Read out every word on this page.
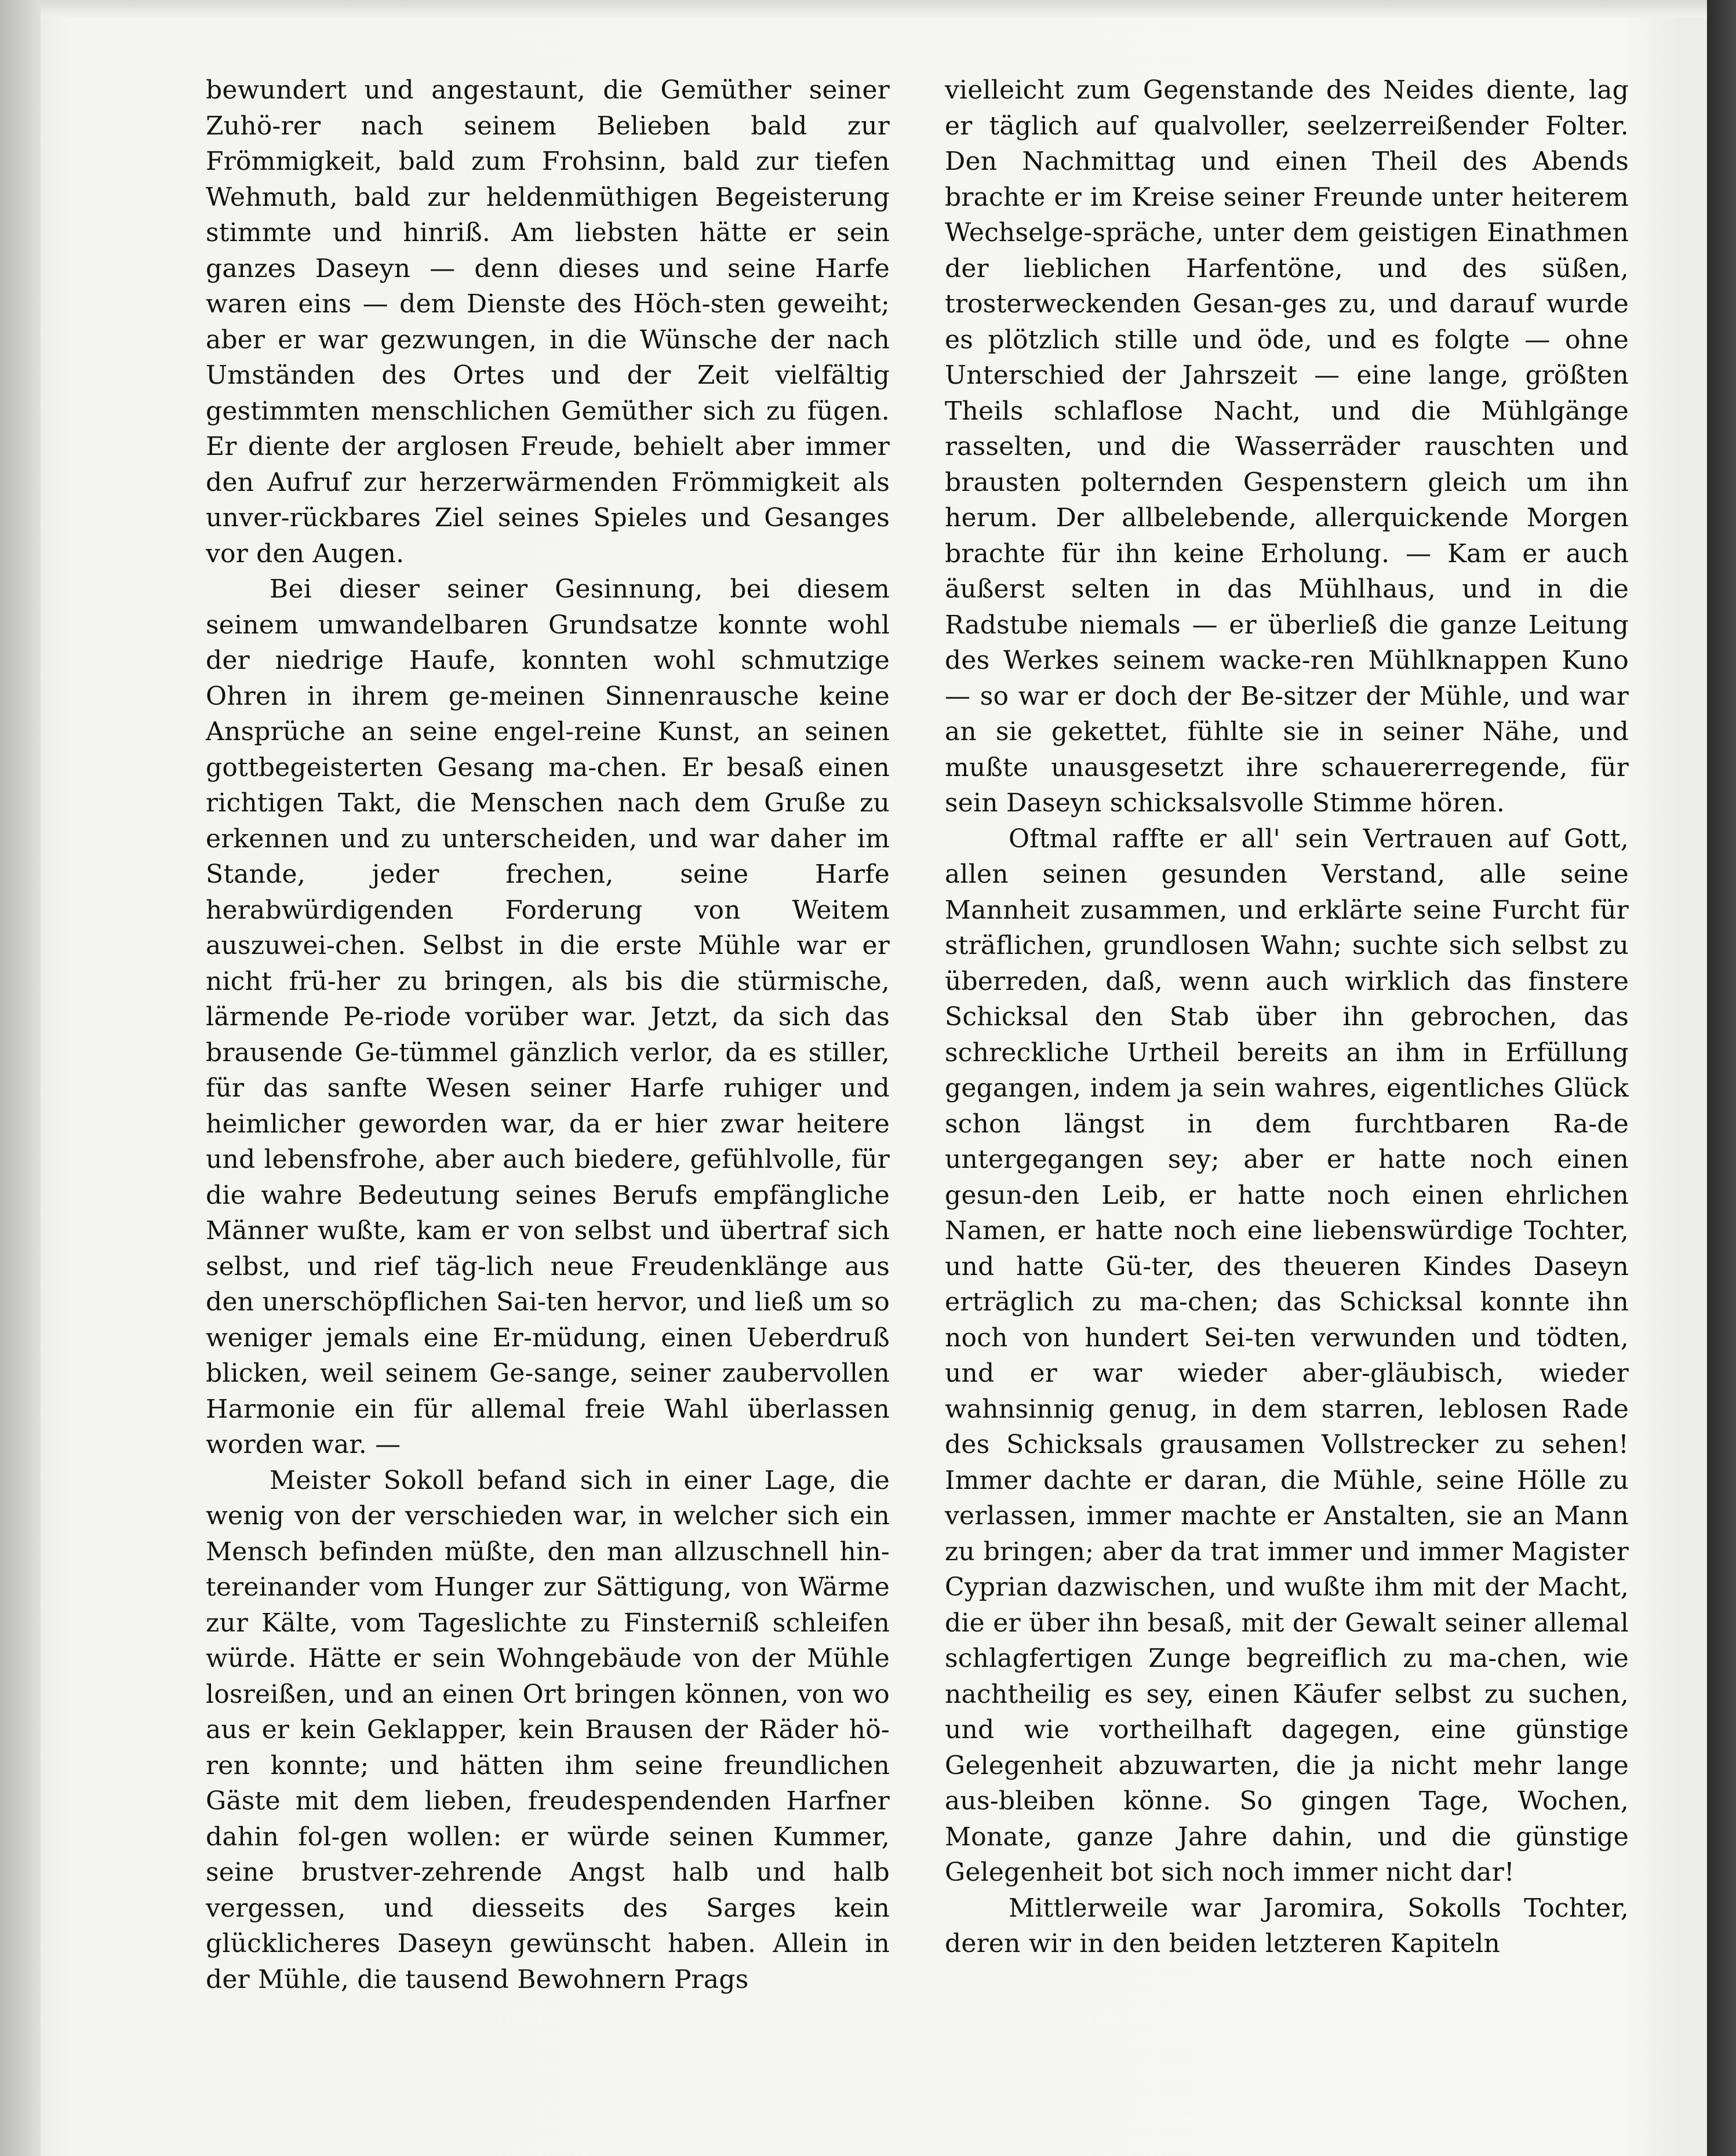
bewundert und angestaunt, die Gemüther seiner Zuhö-rer nach seinem Belieben bald zur Frömmigkeit, bald zum Frohsinn, bald zur tiefen Wehmuth, bald zur heldenmüthigen Begeisterung stimmte und hinriß. Am liebsten hätte er sein ganzes Daseyn — denn dieses und seine Harfe waren eins — dem Dienste des Höch-sten geweiht; aber er war gezwungen, in die Wünsche der nach Umständen des Ortes und der Zeit vielfältig gestimmten menschlichen Gemüther sich zu fügen. Er diente der arglosen Freude, behielt aber immer den Aufruf zur herzerwärmenden Frömmigkeit als unver-rückbares Ziel seines Spieles und Gesanges vor den Augen.

Bei dieser seiner Gesinnung, bei diesem seinem umwandelbaren Grundsatze konnte wohl der niedrige Haufe, konnten wohl schmutzige Ohren in ihrem ge-meinen Sinnenrausche keine Ansprüche an seine engel-reine Kunst, an seinen gottbegeisterten Gesang ma-chen. Er besaß einen richtigen Takt, die Menschen nach dem Gruße zu erkennen und zu unterscheiden, und war daher im Stande, jeder frechen, seine Harfe herabwürdigenden Forderung von Weitem auszuwei-chen. Selbst in die erste Mühle war er nicht frü-her zu bringen, als bis die stürmische, lärmende Pe-riode vorüber war. Jetzt, da sich das brausende Ge-tümmel gänzlich verlor, da es stiller, für das sanfte Wesen seiner Harfe ruhiger und heimlicher geworden war, da er hier zwar heitere und lebensfrohe, aber auch biedere, gefühlvolle, für die wahre Bedeutung seines Berufs empfängliche Männer wußte, kam er von selbst und übertraf sich selbst, und rief täg-lich neue Freudenklänge aus den unerschöpflichen Sai-ten hervor, und ließ um so weniger jemals eine Er-müdung, einen Ueberdruß blicken, weil seinem Ge-sange, seiner zaubervollen Harmonie ein für allemal freie Wahl überlassen worden war. —

Meister Sokoll befand sich in einer Lage, die wenig von der verschieden war, in welcher sich ein Mensch befinden müßte, den man allzuschnell hin-tereinander vom Hunger zur Sättigung, von Wärme zur Kälte, vom Tageslichte zu Finsterniß schleifen würde. Hätte er sein Wohngebäude von der Mühle losreißen, und an einen Ort bringen können, von wo aus er kein Geklapper, kein Brausen der Räder hö-ren konnte; und hätten ihm seine freundlichen Gäste mit dem lieben, freudespendenden Harfner dahin fol-gen wollen: er würde seinen Kummer, seine brustver-zehrende Angst halb und halb vergessen, und diesseits des Sarges kein glücklicheres Daseyn gewünscht haben. Allein in der Mühle, die tausend Bewohnern Prags

vielleicht zum Gegenstande des Neides diente, lag er täglich auf qualvoller, seelzerreißender Folter. Den Nachmittag und einen Theil des Abends brachte er im Kreise seiner Freunde unter heiterem Wechselge-spräche, unter dem geistigen Einathmen der lieblichen Harfentöne, und des süßen, trosterweckenden Gesan-ges zu, und darauf wurde es plötzlich stille und öde, und es folgte — ohne Unterschied der Jahrszeit — eine lange, größten Theils schlaflose Nacht, und die Mühlgänge rasselten, und die Wasserräder rauschten und brausten polternden Gespenstern gleich um ihn herum. Der allbelebende, allerquickende Morgen brachte für ihn keine Erholung. — Kam er auch äußerst selten in das Mühlhaus, und in die Radstube niemals — er überließ die ganze Leitung des Werkes seinem wacke-ren Mühlknappen Kuno — so war er doch der Be-sitzer der Mühle, und war an sie gekettet, fühlte sie in seiner Nähe, und mußte unausgesetzt ihre schauererregende, für sein Daseyn schicksalsvolle Stimme hören.

Oftmal raffte er all' sein Vertrauen auf Gott, allen seinen gesunden Verstand, alle seine Mannheit zusammen, und erklärte seine Furcht für sträflichen, grundlosen Wahn; suchte sich selbst zu überreden, daß, wenn auch wirklich das finstere Schicksal den Stab über ihn gebrochen, das schreckliche Urtheil bereits an ihm in Erfüllung gegangen, indem ja sein wahres, eigentliches Glück schon längst in dem furchtbaren Ra-de untergegangen sey; aber er hatte noch einen gesun-den Leib, er hatte noch einen ehrlichen Namen, er hatte noch eine liebenswürdige Tochter, und hatte Gü-ter, des theueren Kindes Daseyn erträglich zu ma-chen; das Schicksal konnte ihn noch von hundert Sei-ten verwunden und tödten, und er war wieder aber-gläubisch, wieder wahnsinnig genug, in dem starren, leblosen Rade des Schicksals grausamen Vollstrecker zu sehen! Immer dachte er daran, die Mühle, seine Hölle zu verlassen, immer machte er Anstalten, sie an Mann zu bringen; aber da trat immer und immer Magister Cyprian dazwischen, und wußte ihm mit der Macht, die er über ihn besaß, mit der Gewalt seiner allemal schlagfertigen Zunge begreiflich zu ma-chen, wie nachtheilig es sey, einen Käufer selbst zu suchen, und wie vortheilhaft dagegen, eine günstige Gelegenheit abzuwarten, die ja nicht mehr lange aus-bleiben könne. So gingen Tage, Wochen, Monate, ganze Jahre dahin, und die günstige Gelegenheit bot sich noch immer nicht dar!

Mittlerweile war Jaromira, Sokolls Tochter, deren wir in den beiden letzteren Kapiteln
